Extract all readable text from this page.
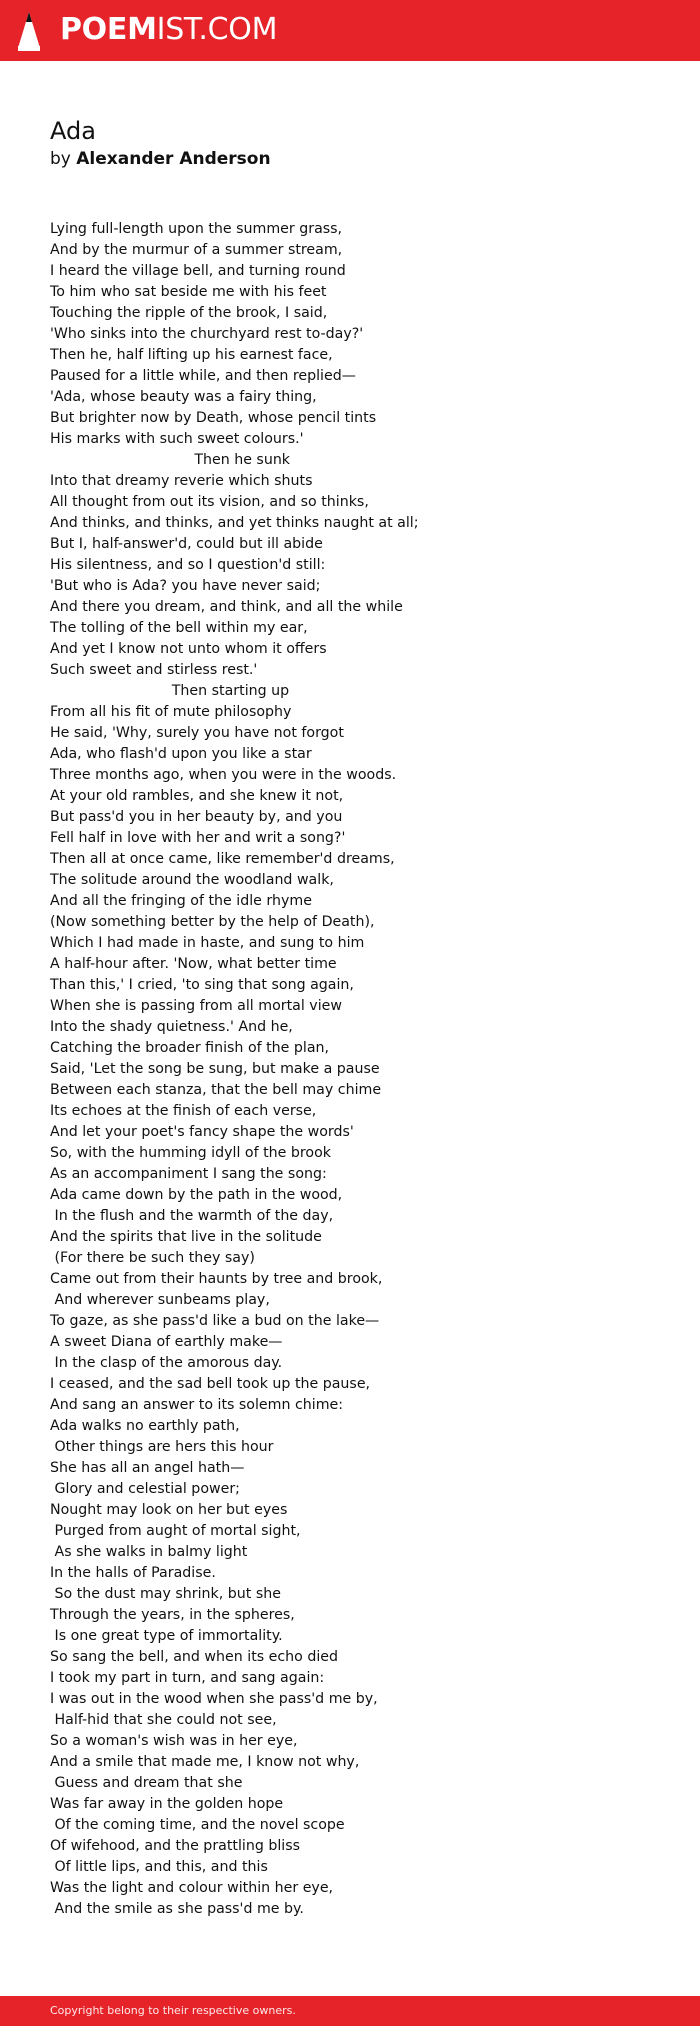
POEMIST.COM
Ada
by Alexander Anderson
Lying full-length upon the summer grass,
And by the murmur of a summer stream,
I heard the village bell, and turning round
To him who sat beside me with his feet
Touching the ripple of the brook, I said,
'Who sinks into the churchyard rest to-day?'
Then he, half lifting up his earnest face,
Paused for a little while, and then replied—
'Ada, whose beauty was a fairy thing,
But brighter now by Death, whose pencil tints
His marks with such sweet colours.'
Then he sunk
Into that dreamy reverie which shuts
All thought from out its vision, and so thinks,
And thinks, and thinks, and yet thinks naught at all;
But I, half-answer'd, could but ill abide
His silentness, and so I question'd still:
'But who is Ada? you have never said;
And there you dream, and think, and all the while
The tolling of the bell within my ear,
And yet I know not unto whom it offers
Such sweet and stirless rest.'
Then starting up
From all his fit of mute philosophy
He said, 'Why, surely you have not forgot
Ada, who flash'd upon you like a star
Three months ago, when you were in the woods.
At your old rambles, and she knew it not,
But pass'd you in her beauty by, and you
Fell half in love with her and writ a song?'
Then all at once came, like remember'd dreams,
The solitude around the woodland walk,
And all the fringing of the idle rhyme
(Now something better by the help of Death),
Which I had made in haste, and sung to him
A half-hour after. 'Now, what better time
Than this,' I cried, 'to sing that song again,
When she is passing from all mortal view
Into the shady quietness.' And he,
Catching the broader finish of the plan,
Said, 'Let the song be sung, but make a pause
Between each stanza, that the bell may chime
Its echoes at the finish of each verse,
And let your poet's fancy shape the words'
So, with the humming idyll of the brook
As an accompaniment I sang the song:
Ada came down by the path in the wood,
In the flush and the warmth of the day,
And the spirits that live in the solitude
(For there be such they say)
Came out from their haunts by tree and brook,
And wherever sunbeams play,
To gaze, as she pass'd like a bud on the lake—
A sweet Diana of earthly make—
In the clasp of the amorous day.
I ceased, and the sad bell took up the pause,
And sang an answer to its solemn chime:
Ada walks no earthly path,
Other things are hers this hour
She has all an angel hath—
Glory and celestial power;
Nought may look on her but eyes
Purged from aught of mortal sight,
As she walks in balmy light
In the halls of Paradise.
So the dust may shrink, but she
Through the years, in the spheres,
Is one great type of immortality.
So sang the bell, and when its echo died
I took my part in turn, and sang again:
I was out in the wood when she pass'd me by,
Half-hid that she could not see,
So a woman's wish was in her eye,
And a smile that made me, I know not why,
Guess and dream that she
Was far away in the golden hope
Of the coming time, and the novel scope
Of wifehood, and the prattling bliss
Of little lips, and this, and this
Was the light and colour within her eye,
And the smile as she pass'd me by.
Copyright belong to their respective owners.
